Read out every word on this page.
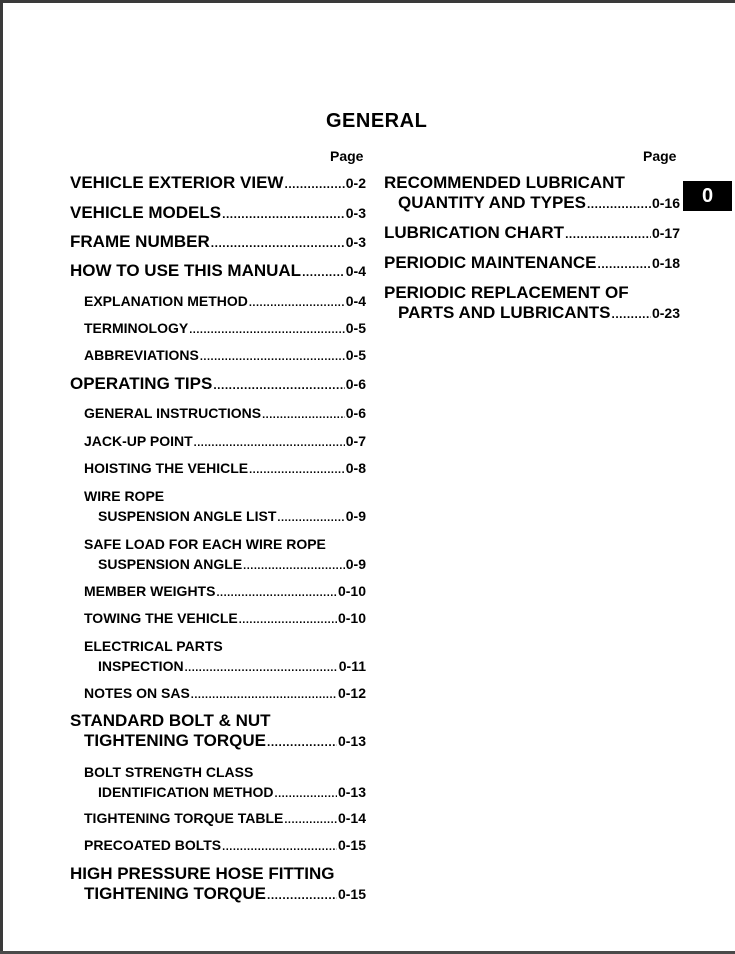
GENERAL
Page	Page
0
VEHICLE EXTERIOR VIEW .....	0-2
VEHICLE MODELS .....	0-3
FRAME NUMBER .....	0-3
HOW TO USE THIS MANUAL .....	0-4
EXPLANATION METHOD .....	0-4
TERMINOLOGY .....	0-5
ABBREVIATIONS .....	0-5
OPERATING TIPS .....	0-6
GENERAL INSTRUCTIONS .....	0-6
JACK-UP POINT .....	0-7
HOISTING THE VEHICLE .....	0-8
WIRE ROPE
SUSPENSION ANGLE LIST .....	0-9
SAFE LOAD FOR EACH WIRE ROPE
SUSPENSION ANGLE .....	0-9
MEMBER WEIGHTS .....	0-10
TOWING THE VEHICLE .....	0-10
ELECTRICAL PARTS
INSPECTION .....	0-11
NOTES ON SAS .....	0-12
STANDARD BOLT & NUT
TIGHTENING TORQUE .....	0-13
BOLT STRENGTH CLASS
IDENTIFICATION METHOD .....	0-13
TIGHTENING TORQUE TABLE .....	0-14
PRECOATED BOLTS .....	0-15
HIGH PRESSURE HOSE FITTING
TIGHTENING TORQUE .....	0-15
RECOMMENDED LUBRICANT
QUANTITY AND TYPES .....	0-16
LUBRICATION CHART .....	0-17
PERIODIC MAINTENANCE .....	0-18
PERIODIC REPLACEMENT OF
PARTS AND LUBRICANTS .....	0-23
